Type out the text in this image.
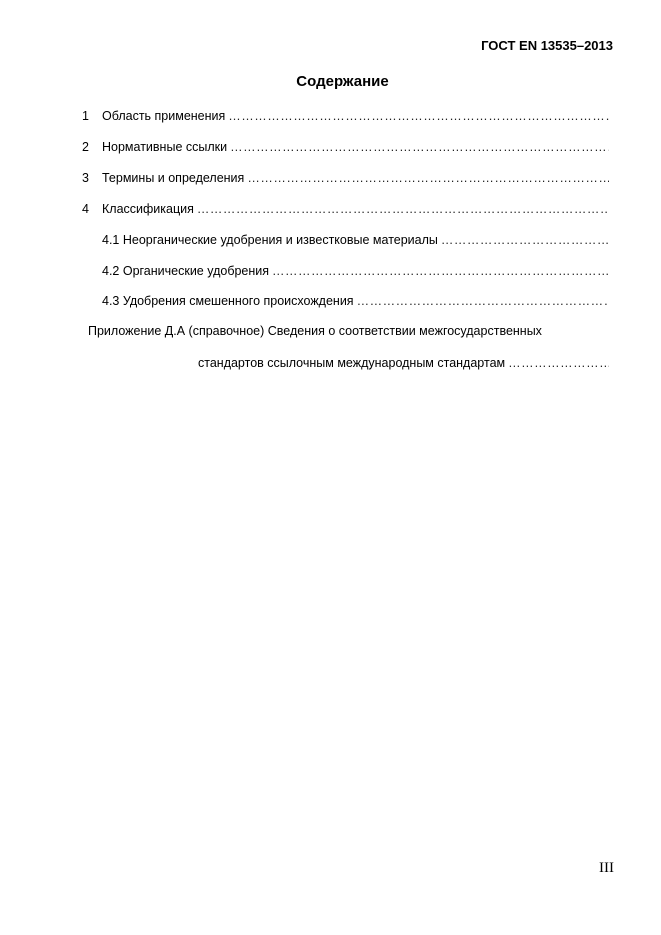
ГОСТ EN 13535–2013
Содержание
1	Область применения
……………………………………………………………………………………………………………………………………………………………
2	Нормативные ссылки
……………………………………………………………………………………………………………………………………………………………
3	Термины и определения
……………………………………………………………………………………………………………………………………………………………
4	Классификация
……………………………………………………………………………………………………………………………………………………………
4.1 Неорганические удобрения и известковые материалы
……………………………………………………………………………………………………………………………………………………………
4.2 Органические удобрения
……………………………………………………………………………………………………………………………………………………………
4.3 Удобрения смешенного происхождения
……………………………………………………………………………………………………………………………………………………………
Приложение Д.А (справочное) Сведения о соответствии межгосударственных
стандартов ссылочным международным стандартам
……………………………………………………………………………………………………………………………………………………………
III
